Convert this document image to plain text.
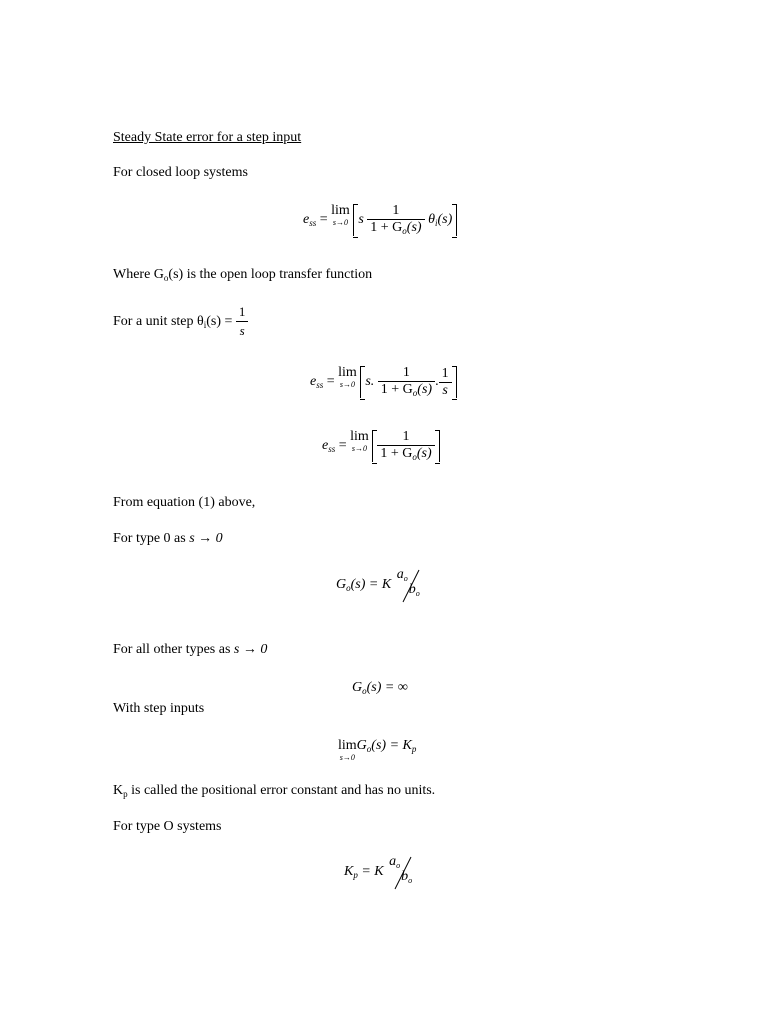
Steady State error for a step input
For closed loop systems
$e_{ss}$ =
lim
s→0 s $\frac{1}{1 + G_o(s)} \theta_i(s)$
Where $G_o(s)$ is the open loop transfer function
For a unit step $\theta_i(s) = \frac{1}{s}$
$e_{ss}$ =
lim
s→0 s. $\frac{1}{1 + G_o(s)}$ . $\frac{1}{s}$
$e_{ss}$ =
lim
s→0
$\frac{1}{1 + G_o(s)}$
From equation (1) above,
For type 0 as s → 0
$G_o(s) = K$
$a_o$
$b_o$
For all other types as s → 0
$G_o(s)$ = ∞
With step inputs
lim
s→0
$G_o(s) = K_p$
$K_p$ is called the positional error constant and has no units.
For type O systems
$K_p = K$
$a_o$
$b_o$
